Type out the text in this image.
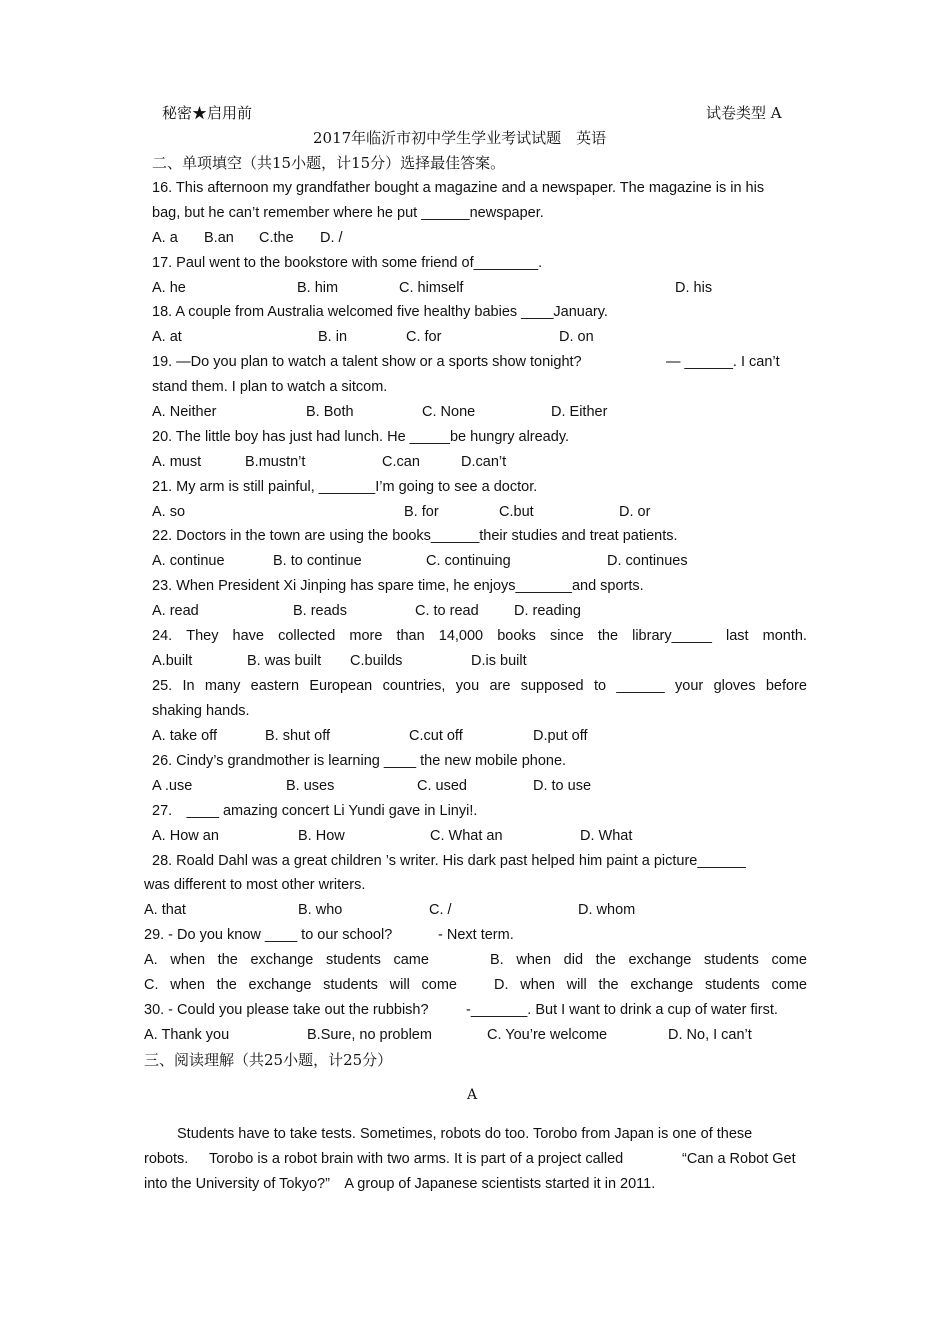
秘密★启用前	试卷类型 A
2017年临沂市初中学生学业考试试题　英语
二、单项填空（共15小题，计15分）选择最佳答案。
16. This afternoon my grandfather bought a magazine and a newspaper. The magazine is in his
bag, but he can’t remember where he put ______newspaper.
A. a B.an C.the D. /
17. Paul went to the bookstore with some friend of________.
A. he	B. him	C. himself	D. his
18. A couple from Australia welcomed five healthy babies ____January.
A. at	B. in	C. for	D. on
19. —Do you plan to watch a talent show or a sports show tonight?	— ______. I can’t
stand them. I plan to watch a sitcom.
A. Neither	B. Both	C. None	D. Either
20. The little boy has just had lunch. He _____be hungry already.
A. must	B.mustn’t	C.can	D.can’t
21. My arm is still painful, _______I’m going to see a doctor.
A. so	B. for	C.but	D. or
22. Doctors in the town are using the books______their studies and treat patients.
A. continue	B. to continue	C. continuing	D. continues
23. When President Xi Jinping has spare time, he enjoys_______and sports.
A. read	B. reads	C. to read D. reading
24. They have collected more than 14,000 books since the library_____ last month.
A.built	B. was built C.builds	D.is built
25. In many eastern European countries, you are supposed to ______ your gloves before
shaking hands.
A. take off	B. shut off	C.cut off	D.put off
26. Cindy’s grandmother is learning ____ the new mobile phone.
A .use	B. uses	C. used	D. to use
27.　____ amazing concert Li Yundi gave in Linyi!.
A. How an	B. How	C. What an	D. What
28. Roald Dahl was a great children ’s writer. His dark past helped him paint a picture______
was different to most other writers.
A. that	B. who	C. /	D. whom
29. - Do you know ____ to our school?	- Next term.
A. when the exchange students came	B. when did the exchange students come
C. when the exchange students will come	D. when will the exchange students come
30. - Could you please take out the rubbish?	-_______. But I want to drink a cup of water first.
A. Thank you	B.Sure, no problem	C. You’re welcome	D. No, I can’t
三、阅读理解（共25小题，计25分）
A
Students have to take tests. Sometimes, robots do too. Torobo from Japan is one of these
robots. Torobo is a robot brain with two arms. It is part of a project called	“Can a Robot Get
into the University of Tokyo?”　A group of Japanese scientists started it in 2011.
